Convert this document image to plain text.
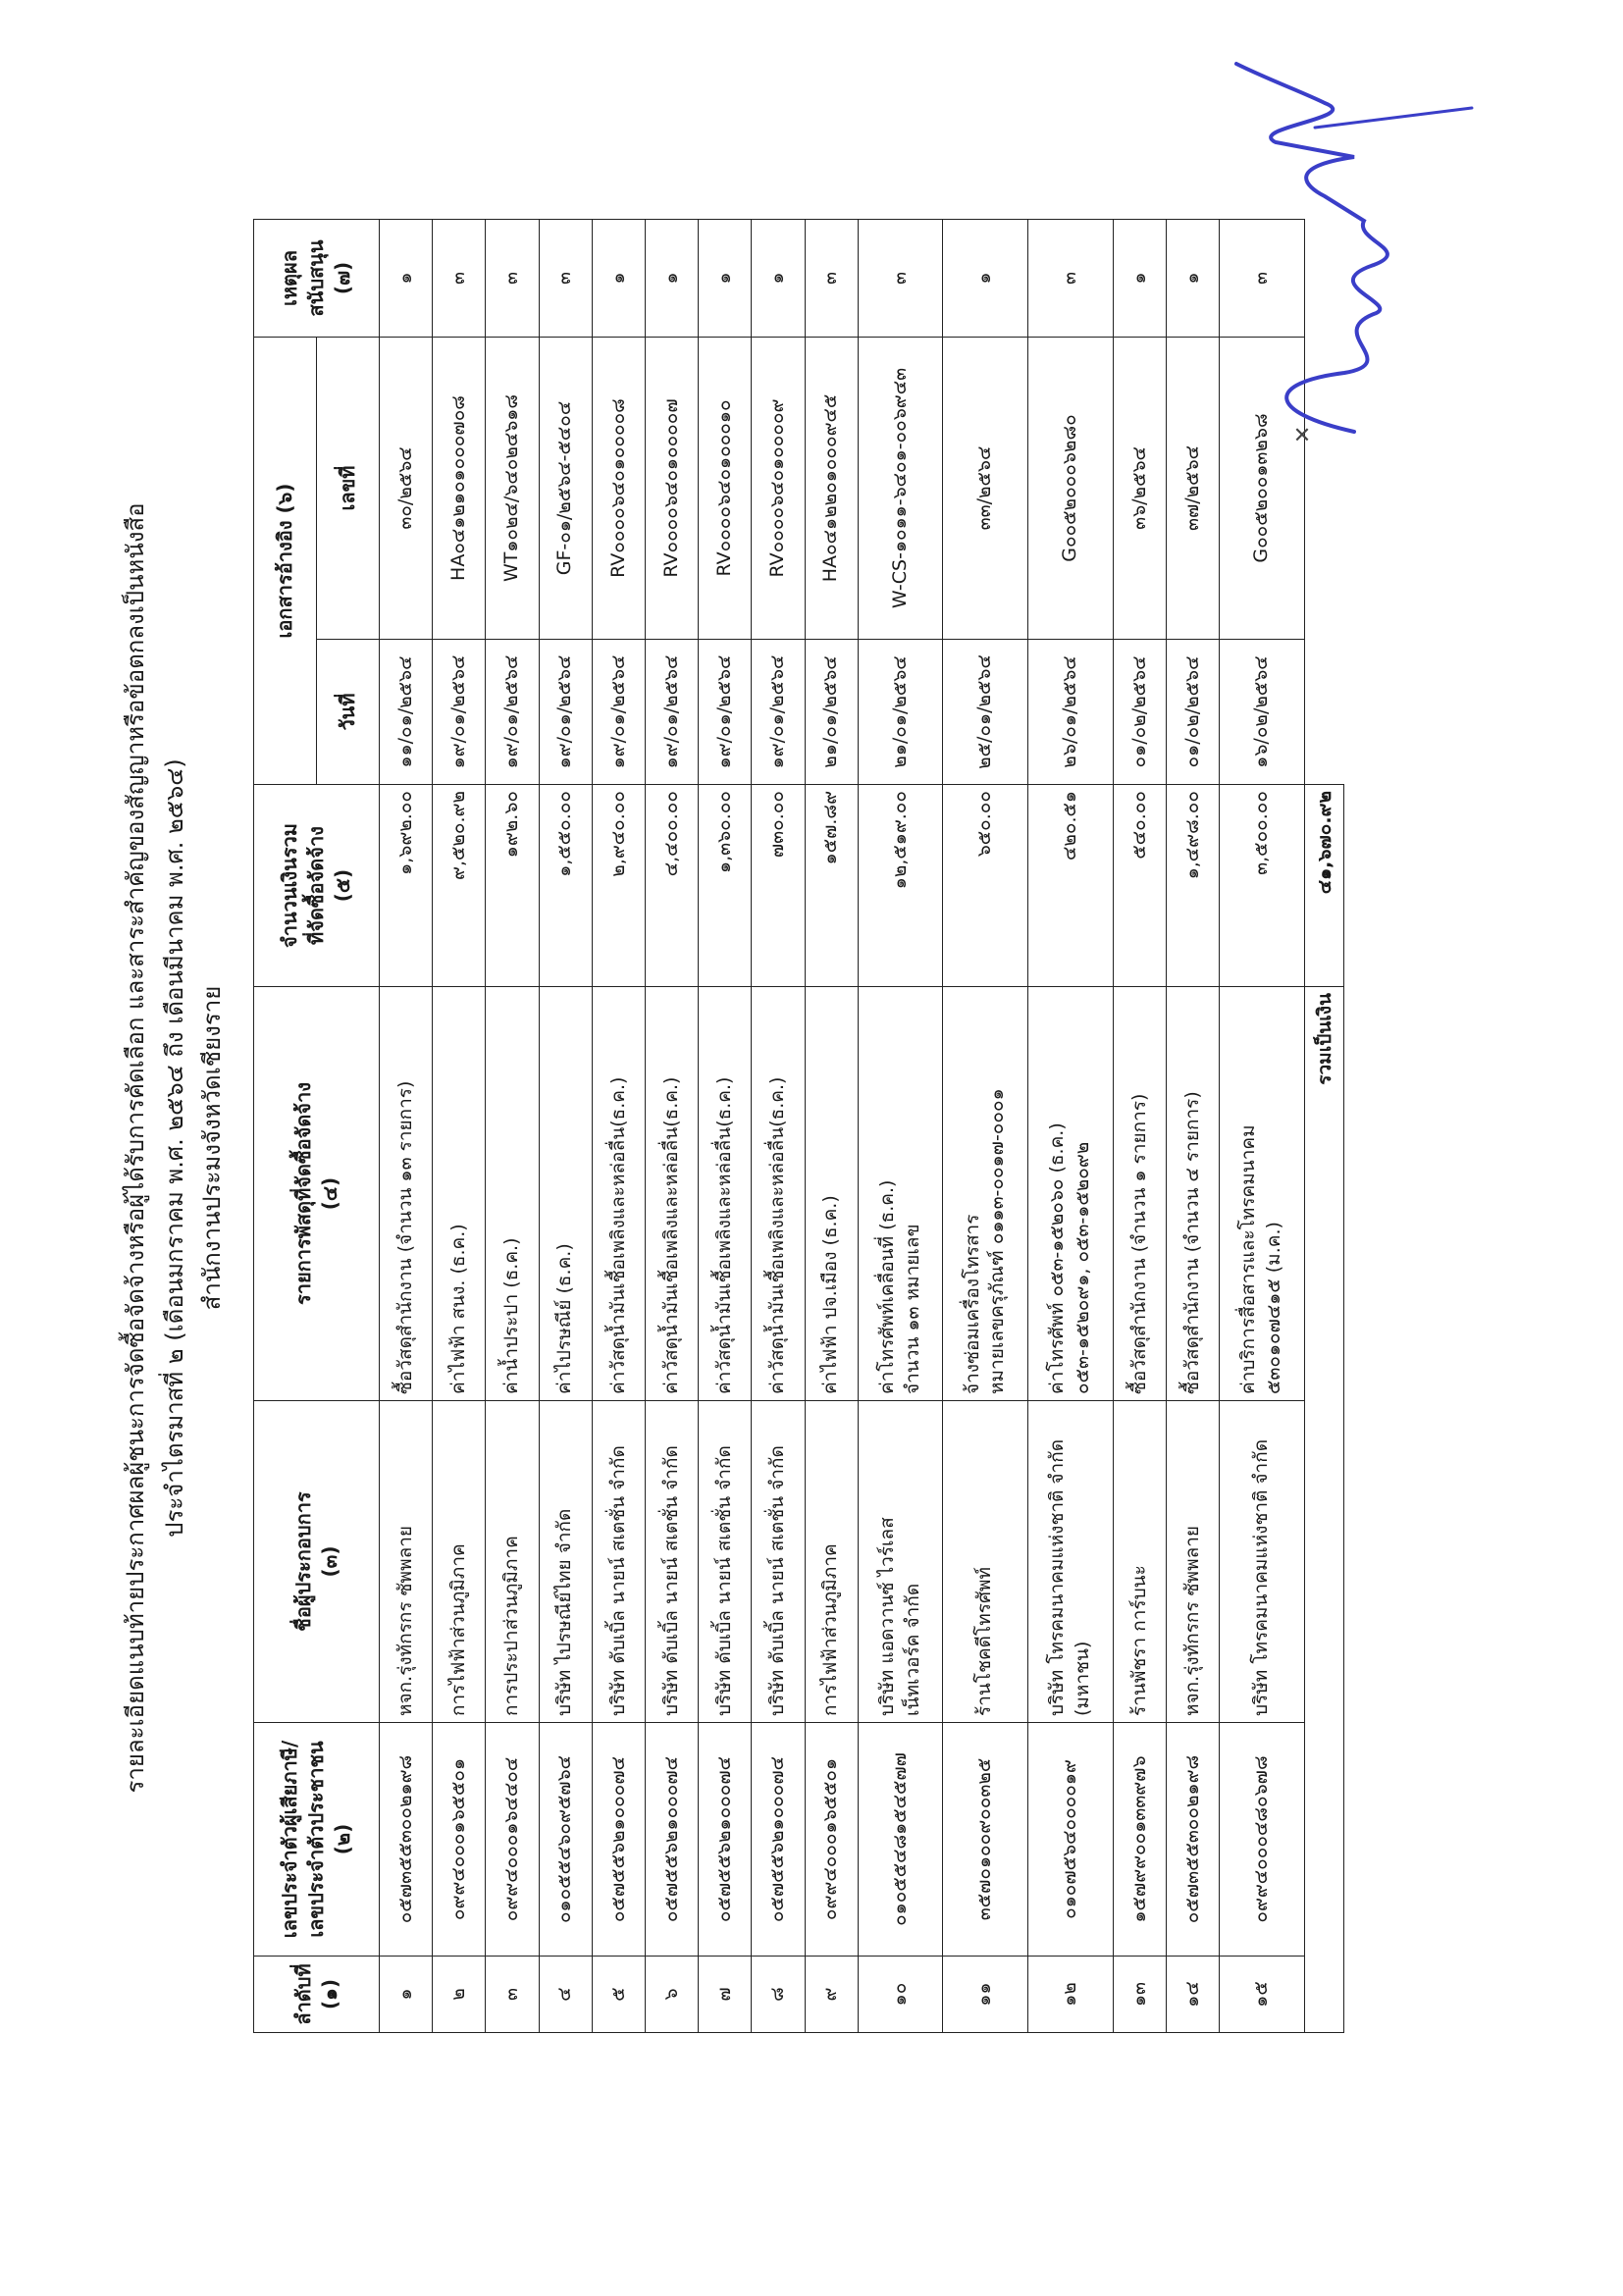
รายละเอียดแนบท้ายประกาศผลผู้ชนะการจัดซื้อจัดจ้างหรือผู้ได้รับการคัดเลือก และสาระสำคัญของสัญญาหรือข้อตกลงเป็นหนังสือ ประจำไตรมาสที่ ๒ (เดือนมกราคม พ.ศ. ๒๕๖๔ ถึง เดือนมีนาคม พ.ศ. ๒๕๖๔) สำนักงานประมงจังหวัดเชียงราย
ลำดับที่ (๑)	เลขประจำตัวผู้เสียภาษี/ เลขประจำตัวประชาชน (๒)	ชื่อผู้ประกอบการ (๓)	รายการพัสดุที่จัดซื้อจัดจ้าง (๔)	จำนวนเงินรวม ที่จัดซื้อจัดจ้าง (๕)	เอกสารอ้างอิง (๖)		เหตุผลสนับสนุน (๗)

					วันที่	เลขที่	

๑	๐๕๗๓๕๕๓๐๐๒๑๙๘	หจก.รุ่งทักรกร ซัพพลาย	ซื้อวัสดุสำนักงาน (จำนวน ๑๓ รายการ)	๑,๖๙๒.๐๐	๑๑/๐๑/๒๕๖๔	๓๐/๒๕๖๔	๑

๒	๐๙๙๔๐๐๐๑๖๕๕๐๑	การไฟฟ้าส่วนภูมิภาค	ค่าไฟฟ้า สนง. (ธ.ค.)	๙,๕๒๐.๙๒	๑๙/๐๑/๒๕๖๔	HA๐๔๑๒๑๐๑๐๐๐๗๐๘	๓

๓	๐๙๙๔๐๐๐๑๖๔๔๐๔	การประปาส่วนภูมิภาค	ค่าน้ำประปา (ธ.ค.)	๑๙๒.๖๐	๑๙/๐๑/๒๕๖๔	WT๑๐๒๔/๖๔๐๒๔๖๑๘	๓

๔	๐๑๐๕๕๔๖๐๙๕๗๖๔	บริษัท ไปรษณีย์ไทย จำกัด	ค่าไปรษณีย์ (ธ.ค.)	๑,๕๕๐.๐๐	๑๙/๐๑/๒๕๖๔	GF-๐๑/๒๕๖๔-๕๔๐๔	๓

๕	๐๕๗๕๕๖๒๑๐๐๐๗๔	บริษัท ดับเบิ้ล นายน์ สเตชั่น จำกัด	ค่าวัสดุน้ำมันเชื้อเพลิงและหล่อลื่น(ธ.ค.)	๒,๙๔๐.๐๐	๑๙/๐๑/๒๕๖๔	RV๐๐๐๐๖๔๐๑๐๐๐๐๘	๑

๖	๐๕๗๕๕๖๒๑๐๐๐๗๔	บริษัท ดับเบิ้ล นายน์ สเตชั่น จำกัด	ค่าวัสดุน้ำมันเชื้อเพลิงและหล่อลื่น(ธ.ค.)	๔,๔๐๐.๐๐	๑๙/๐๑/๒๕๖๔	RV๐๐๐๐๖๔๐๑๐๐๐๐๗	๑

๗	๐๕๗๕๕๖๒๑๐๐๐๗๔	บริษัท ดับเบิ้ล นายน์ สเตชั่น จำกัด	ค่าวัสดุน้ำมันเชื้อเพลิงและหล่อลื่น(ธ.ค.)	๑,๓๖๐.๐๐	๑๙/๐๑/๒๕๖๔	RV๐๐๐๐๖๔๐๑๐๐๐๑๐	๑

๘	๐๕๗๕๕๖๒๑๐๐๐๗๔	บริษัท ดับเบิ้ล นายน์ สเตชั่น จำกัด	ค่าวัสดุน้ำมันเชื้อเพลิงและหล่อลื่น(ธ.ค.)	๗๓๐.๐๐	๑๙/๐๑/๒๕๖๔	RV๐๐๐๐๖๔๐๑๐๐๐๐๙	๑

๙	๐๙๙๔๐๐๐๑๖๕๕๐๑	การไฟฟ้าส่วนภูมิภาค	ค่าไฟฟ้า ปจ.เมือง (ธ.ค.)	๑๕๗.๘๙	๒๑/๐๑/๒๕๖๔	HA๐๔๑๒๒๐๑๐๐๐๙๔๕	๓

๑๐	๐๑๐๕๕๔๘๑๕๔๕๗๗	บริษัท แอดวานซ์ ไวร์เลส เน็ทเวอร์ค จำกัด	ค่าโทรศัพท์เคลื่อนที่ (ธ.ค.) จำนวน ๑๓ หมายเลข	๑๒,๕๑๙.๐๐	๒๑/๐๑/๒๕๖๔	W-CS-๑๐๑๑-๖๔๐๑-๐๐๖๙๔๓	๓

๑๑	๓๕๗๐๑๐๐๙๐๐๓๒๕	ร้านโชคดีโทรศัพท์	จ้างซ่อมเครื่องโทรสาร หมายเลขครุภัณฑ์ ๐๑๑๓-๐๐๑๗-๐๐๐๑	๖๕๐.๐๐	๒๕/๐๑/๒๕๖๔	๓๓/๒๕๖๔	๑

๑๒	๐๑๐๗๕๖๔๐๐๐๐๑๙	บริษัท โทรคมนาคมแห่งชาติ จำกัด (มหาชน)	ค่าโทรศัพท์ ๐๕๓-๑๕๒๐๖๐ (ธ.ค.) ๐๕๓-๑๕๒๐๙๑, ๐๕๓-๑๕๒๐๙๒	๔๒๐.๕๑	๒๖/๐๑/๒๕๖๔	G๐๐๕๒๐๐๐๖๒๘๐	๓

๑๓	๑๕๗๙๙๐๐๑๓๓๙๗๖	ร้านพัชรา การ์บนะ	ซื้อวัสดุสำนักงาน (จำนวน ๑ รายการ)	๕๔๐.๐๐	๐๑/๐๒/๒๕๖๔	๓๖/๒๕๖๔	๑

๑๔	๐๕๗๓๕๕๓๐๐๒๑๙๘	หจก.รุ่งทักรกร ซัพพลาย	ซื้อวัสดุสำนักงาน (จำนวน ๔ รายการ)	๑,๔๙๘.๐๐	๐๑/๐๒/๒๕๖๔	๓๗/๒๕๖๔	๑

๑๕	๐๙๙๔๐๐๐๔๘๐๖๗๘	บริษัท โทรคมนาคมแห่งชาติ จำกัด	ค่าบริการสื่อสารและโทรคมนาคม ๕๓๐๑๐๗๔๑๕ (ม.ค.)	๓,๕๐๐.๐๐	๑๖/๐๒/๒๕๖๔	G๐๐๕๒๐๐๑๓๒๖๘	๓

รวมเป็นเงิน				๔๑,๖๗๐.๙๒			
✕
